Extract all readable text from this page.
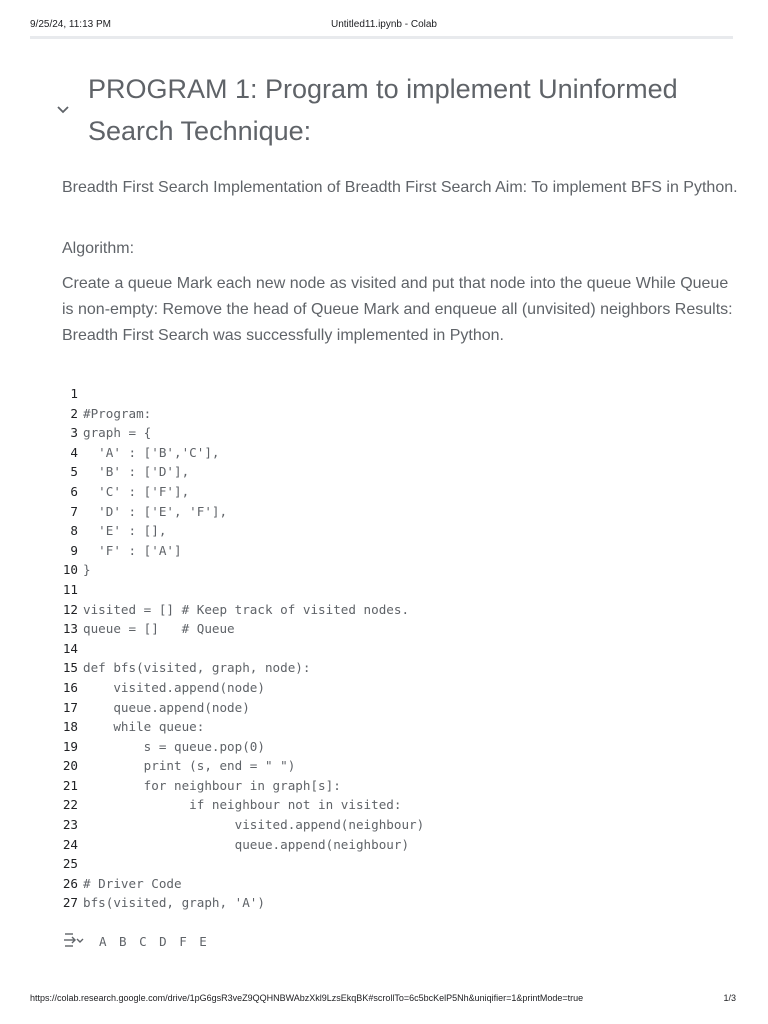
9/25/24, 11:13 PM	Untitled11.ipynb - Colab
PROGRAM 1: Program to implement Uninformed Search Technique:
Breadth First Search Implementation of Breadth First Search Aim: To implement BFS in Python.
Algorithm:
Create a queue Mark each new node as visited and put that node into the queue While Queue is non-empty: Remove the head of Queue Mark and enqueue all (unvisited) neighbors Results: Breadth First Search was successfully implemented in Python.
1
2 #Program:
3 graph = {
4 'A' : ['B','C'],
5 'B' : ['D'],
6 'C' : ['F'],
7 'D' : ['E', 'F'],
8 'E' : [],
9 'F' : ['A']
10 }
11
12 visited = [] # Keep track of visited nodes.
13 queue = []   # Queue
14
15 def bfs(visited, graph, node):
16 visited.append(node)
17 queue.append(node)
18 while queue:
19 s = queue.pop(0)
20 print (s, end = " ")
21 for neighbour in graph[s]:
22 if neighbour not in visited:
23 visited.append(neighbour)
24 queue.append(neighbour)
25
26 # Driver Code
27 bfs(visited, graph, 'A')
A B C D F E
https://colab.research.google.com/drive/1pG6gsR3veZ9QQHNBWAbzXkl9LzsEkqBK#scrollTo=6c5bcKelP5Nh&uniqifier=1&printMode=true	1/3
